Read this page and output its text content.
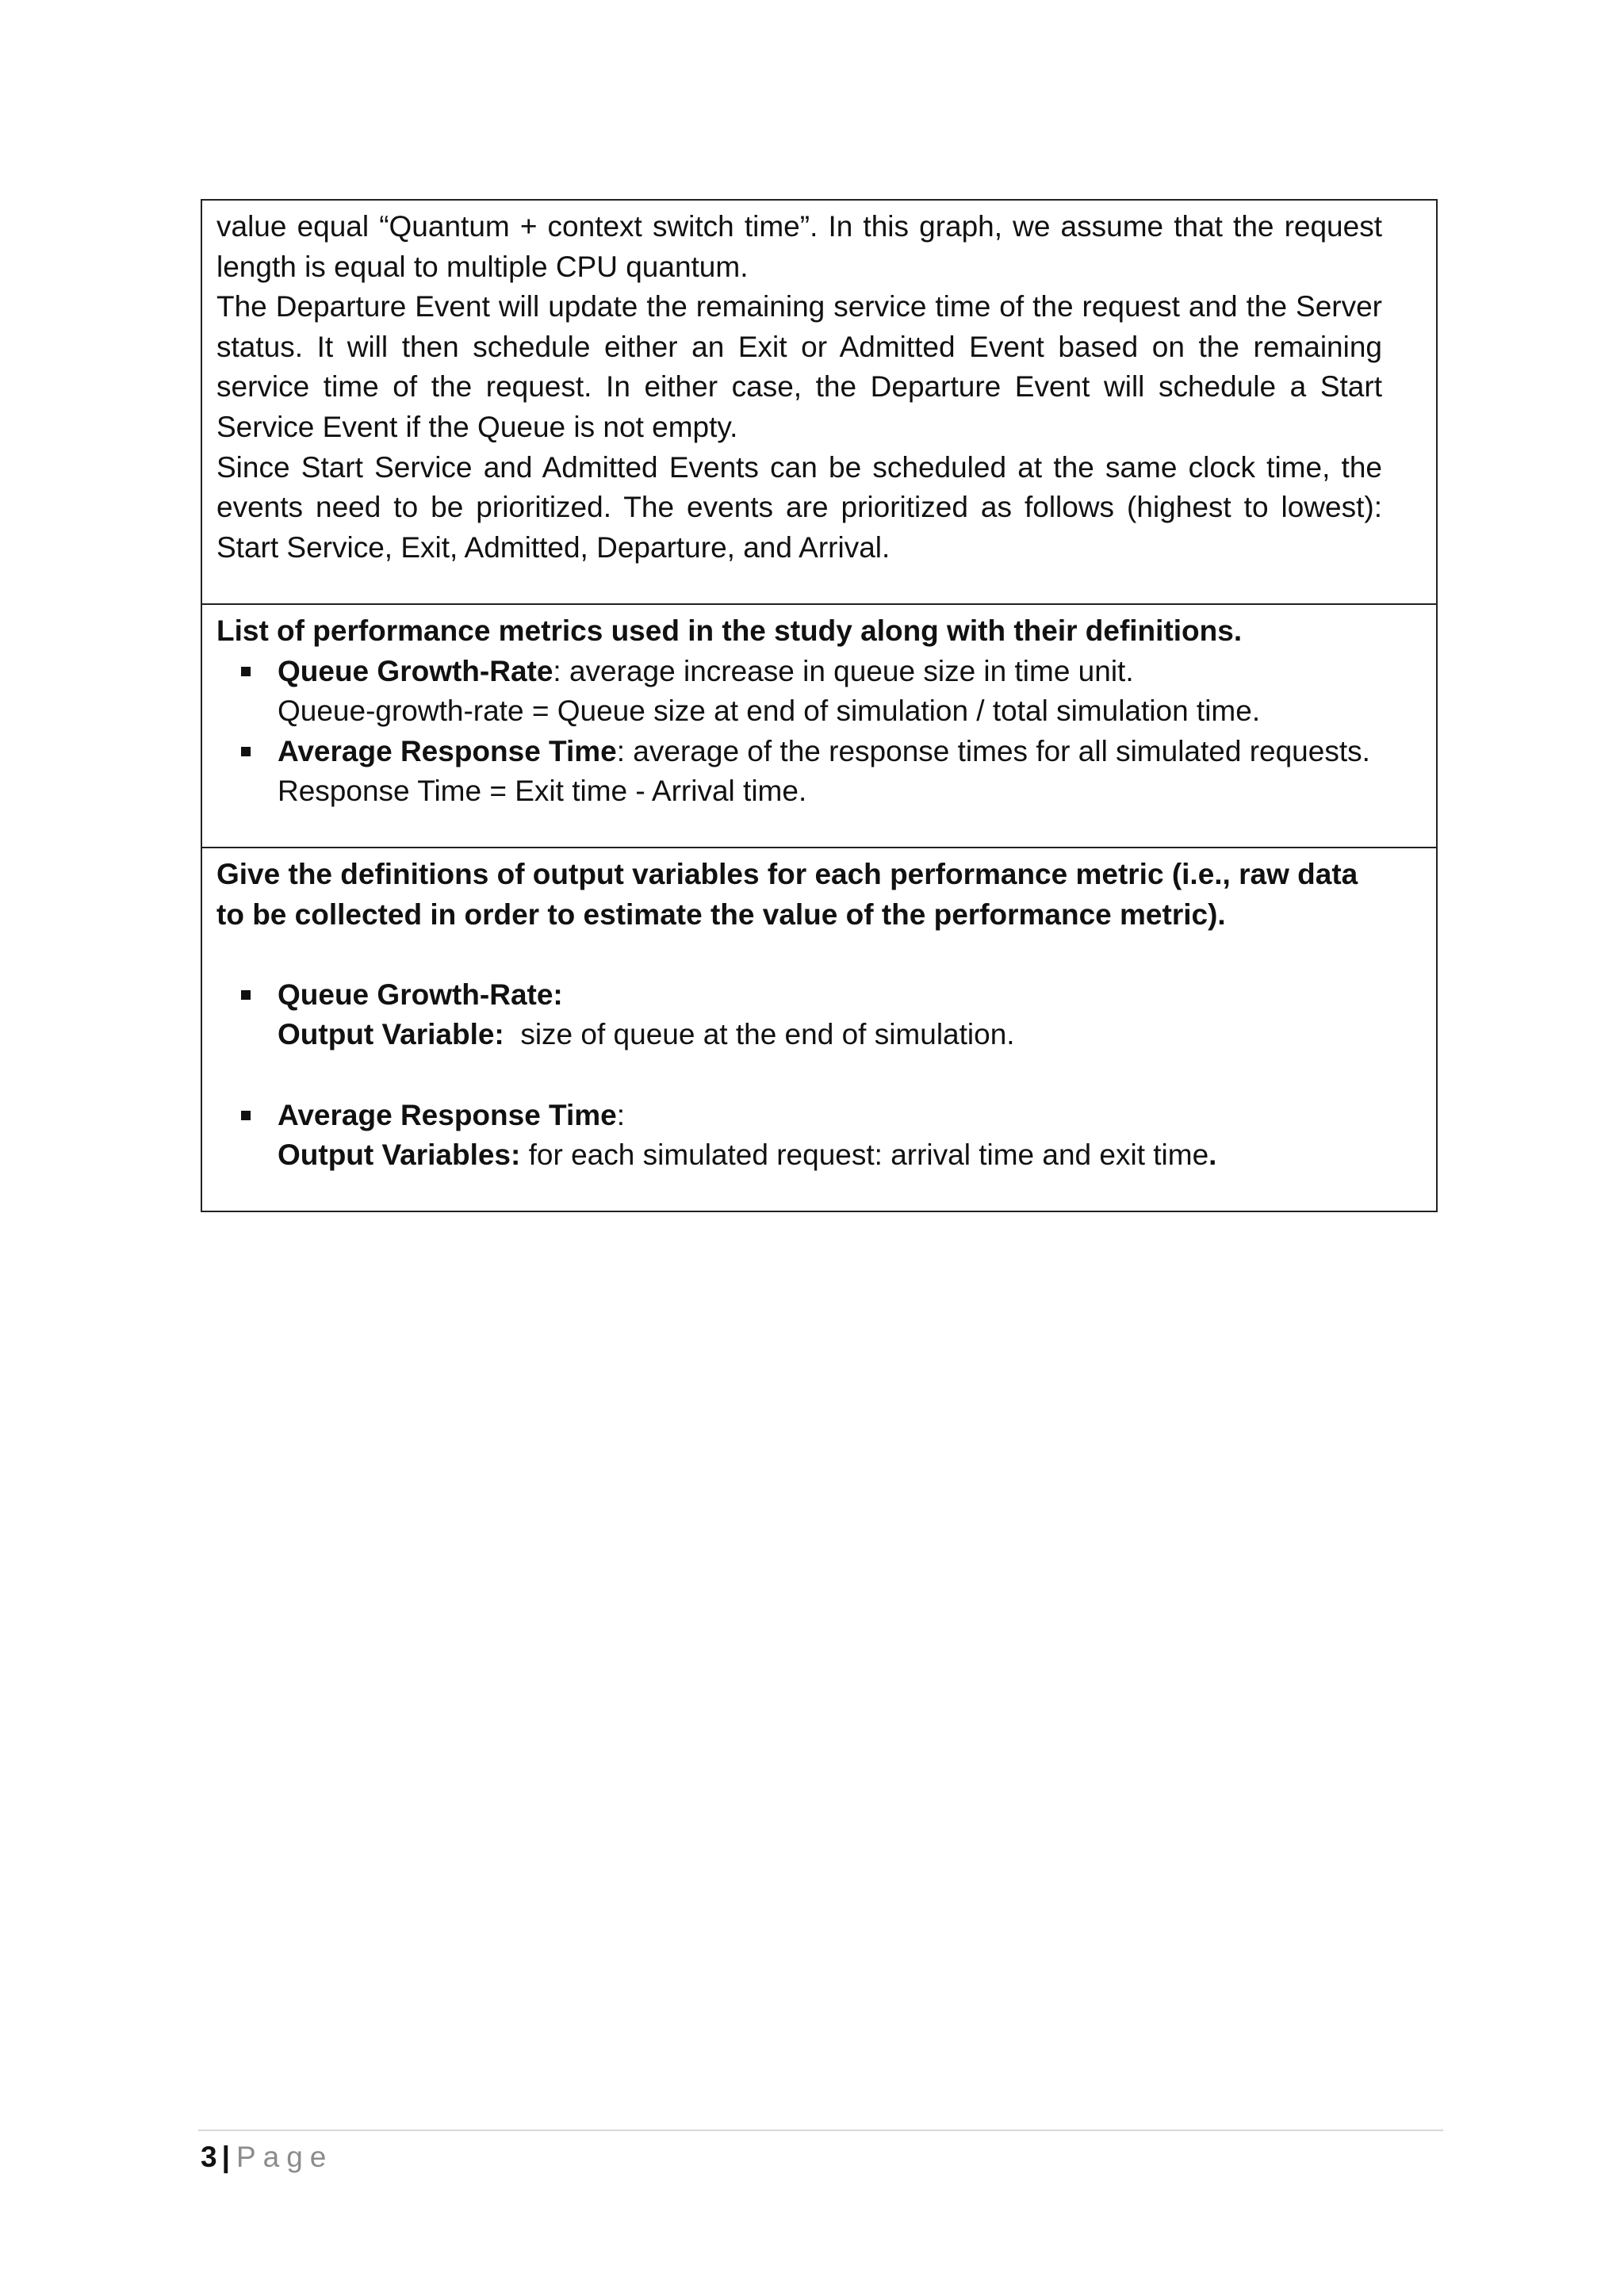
value equal “Quantum + context switch time”. In this graph, we assume that the request length is equal to multiple CPU quantum.

The Departure Event will update the remaining service time of the request and the Server status. It will then schedule either an Exit or Admitted Event based on the remaining service time of the request. In either case, the Departure Event will schedule a Start Service Event if the Queue is not empty.

Since Start Service and Admitted Events can be scheduled at the same clock time, the events need to be prioritized. The events are prioritized as follows (highest to lowest): Start Service, Exit, Admitted, Departure, and Arrival.

List of performance metrics used in the study along with their definitions.

Queue Growth-Rate: average increase in queue size in time unit.
Queue-growth-rate = Queue size at end of simulation / total simulation time.
Average Response Time: average of the response times for all simulated requests.
Response Time = Exit time - Arrival time.

Give the definitions of output variables for each performance metric (i.e., raw data to be collected in order to estimate the value of the performance metric).

Queue Growth-Rate:
Output Variable:  size of queue at the end of simulation.
Average Response Time:
Output Variables: for each simulated request: arrival time and exit time.
3 | Page
